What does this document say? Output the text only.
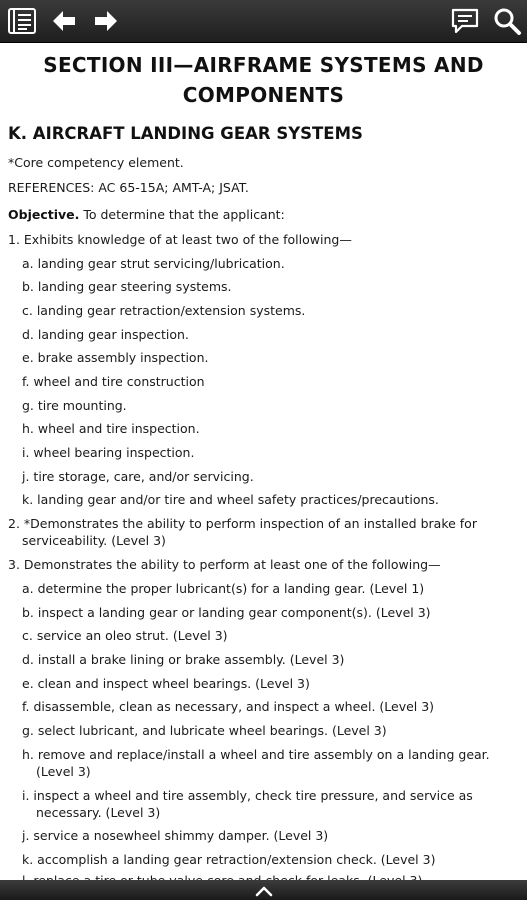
SECTION III—AIRFRAME SYSTEMS AND
COMPONENTS
K. AIRCRAFT LANDING GEAR SYSTEMS
*Core competency element.
REFERENCES: AC 65-15A; AMT-A; JSAT.
Objective. To determine that the applicant:
1. Exhibits knowledge of at least two of the following—
a. landing gear strut servicing/lubrication.
b. landing gear steering systems.
c. landing gear retraction/extension systems.
d. landing gear inspection.
e. brake assembly inspection.
f. wheel and tire construction
g. tire mounting.
h. wheel and tire inspection.
i. wheel bearing inspection.
j. tire storage, care, and/or servicing.
k. landing gear and/or tire and wheel safety practices/precautions.
2. *Demonstrates the ability to perform inspection of an installed brake for
serviceability. (Level 3)
3. Demonstrates the ability to perform at least one of the following—
a. determine the proper lubricant(s) for a landing gear. (Level 1)
b. inspect a landing gear or landing gear component(s). (Level 3)
c. service an oleo strut. (Level 3)
d. install a brake lining or brake assembly. (Level 3)
e. clean and inspect wheel bearings. (Level 3)
f. disassemble, clean as necessary, and inspect a wheel. (Level 3)
g. select lubricant, and lubricate wheel bearings. (Level 3)
h. remove and replace/install a wheel and tire assembly on a landing gear.
(Level 3)
i. inspect a wheel and tire assembly, check tire pressure, and service as
necessary. (Level 3)
j. service a nosewheel shimmy damper. (Level 3)
k. accomplish a landing gear retraction/extension check. (Level 3)
